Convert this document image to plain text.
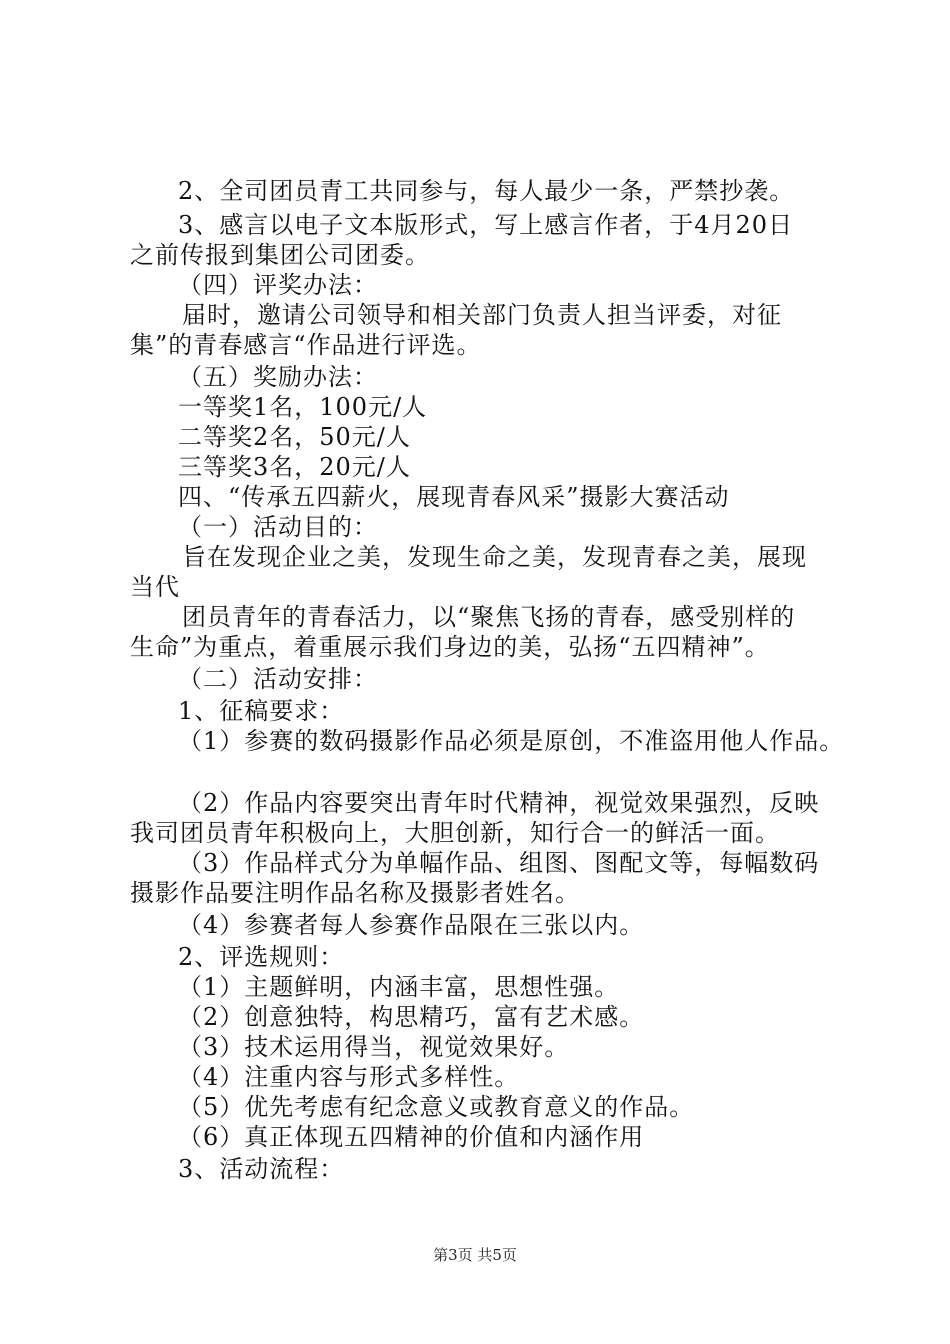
2、全司团员青工共同参与，每人最少一条，严禁抄袭。
3、感言以电子文本版形式，写上感言作者，于4月20日
之前传报到集团公司团委。
（四）评奖办法：
届时，邀请公司领导和相关部门负责人担当评委，对征
集”的青春感言“作品进行评选。
（五）奖励办法：
一等奖1名，100元/人
二等奖2名，50元/人
三等奖3名，20元/人
四、“传承五四薪火，展现青春风采”摄影大赛活动
（一）活动目的：
旨在发现企业之美，发现生命之美，发现青春之美，展现
当代
团员青年的青春活力，以“聚焦飞扬的青春，感受别样的
生命”为重点，着重展示我们身边的美，弘扬“五四精神”。
（二）活动安排：
1、征稿要求：
（1）参赛的数码摄影作品必须是原创，不准盗用他人作品。
（2）作品内容要突出青年时代精神，视觉效果强烈，反映
我司团员青年积极向上，大胆创新，知行合一的鲜活一面。
（3）作品样式分为单幅作品、组图、图配文等，每幅数码
摄影作品要注明作品名称及摄影者姓名。
（4）参赛者每人参赛作品限在三张以内。
2、评选规则：
（1）主题鲜明，内涵丰富，思想性强。
（2）创意独特，构思精巧，富有艺术感。
（3）技术运用得当，视觉效果好。
（4）注重内容与形式多样性。
（5）优先考虑有纪念意义或教育意义的作品。
（6）真正体现五四精神的价值和内涵作用
3、活动流程：
第3页 共5页
